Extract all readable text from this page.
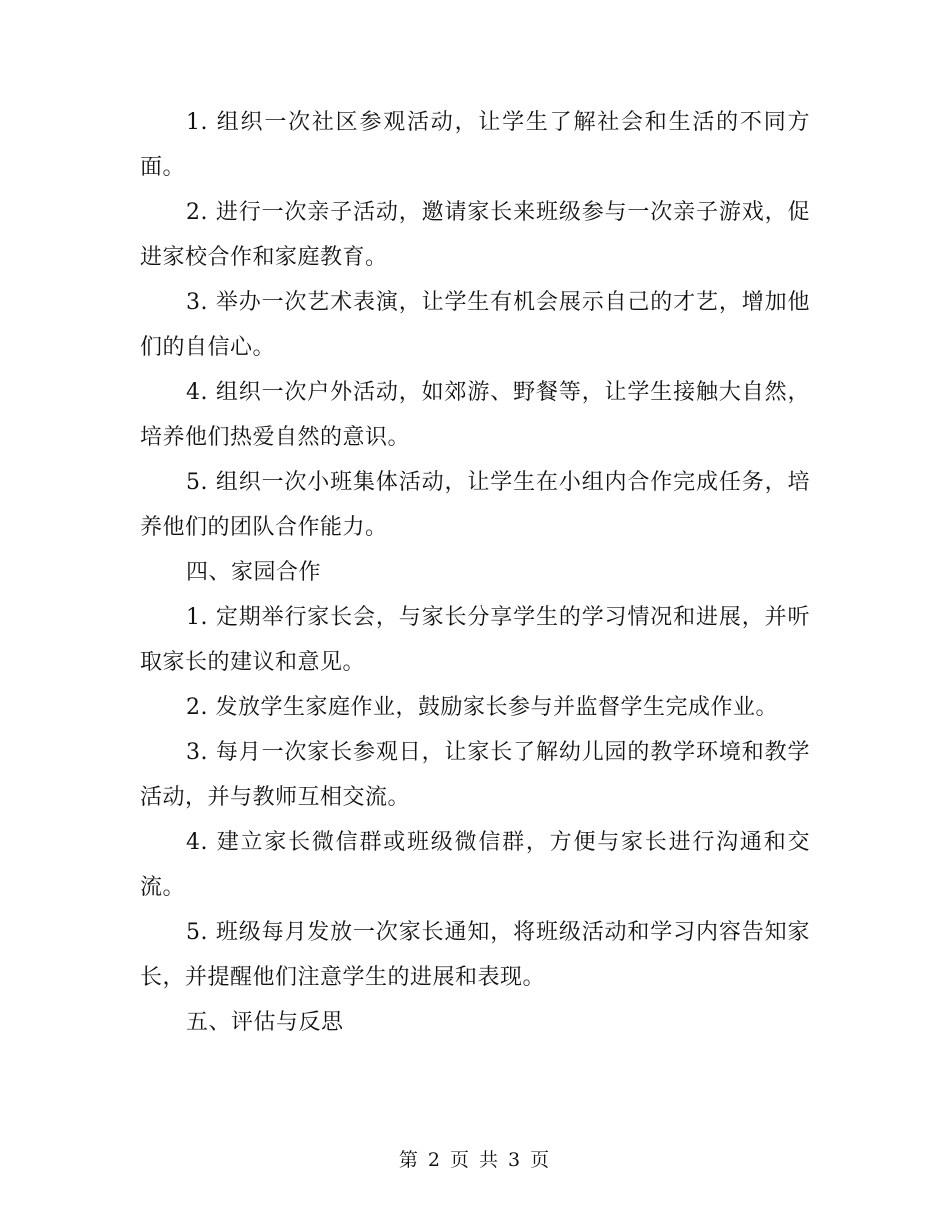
1. 组织一次社区参观活动，让学生了解社会和生活的不同方面。

2. 进行一次亲子活动，邀请家长来班级参与一次亲子游戏，促进家校合作和家庭教育。

3. 举办一次艺术表演，让学生有机会展示自己的才艺，增加他们的自信心。

4. 组织一次户外活动，如郊游、野餐等，让学生接触大自然，培养他们热爱自然的意识。

5. 组织一次小班集体活动，让学生在小组内合作完成任务，培养他们的团队合作能力。

四、家园合作

1. 定期举行家长会，与家长分享学生的学习情况和进展，并听取家长的建议和意见。

2. 发放学生家庭作业，鼓励家长参与并监督学生完成作业。

3. 每月一次家长参观日，让家长了解幼儿园的教学环境和教学活动，并与教师互相交流。

4. 建立家长微信群或班级微信群，方便与家长进行沟通和交流。

5. 班级每月发放一次家长通知，将班级活动和学习内容告知家长，并提醒他们注意学生的进展和表现。

五、评估与反思

第 2 页 共 3 页
